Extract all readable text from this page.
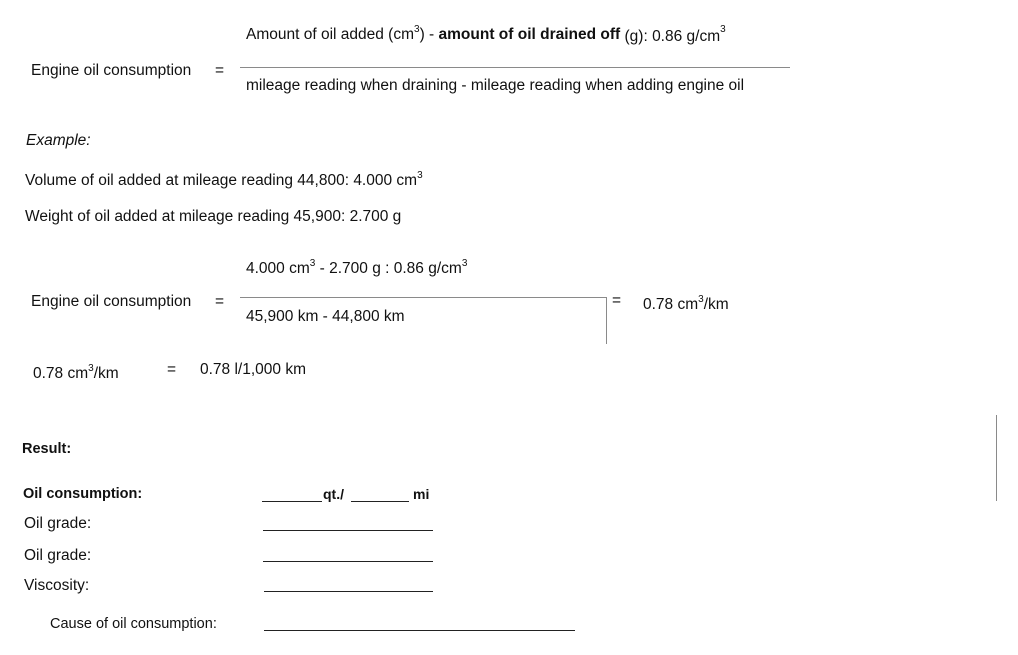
Amount of oil added $(cm^3)$ - amount of oil drained off (g): 0.86 $g/cm^3$
Engine oil consumption =
mileage reading when draining - mileage reading when adding engine oil
Example:
Volume of oil added at mileage reading 44,800: 4.000 $cm^3$
Weight of oil added at mileage reading 45,900: 2.700 g
4.000 $cm^3 - 2.700$ g : 0.86 $g/cm^3$
Engine oil consumption =
45,900 km - 44,800 km
= 0.78 $cm^3/km$
0.78 $cm^3/km$	= 0.78 l/1,000 km
Result:
Oil consumption:	qt./	mi
Oil grade:
Oil grade:
Viscosity:
Cause of oil consumption:
